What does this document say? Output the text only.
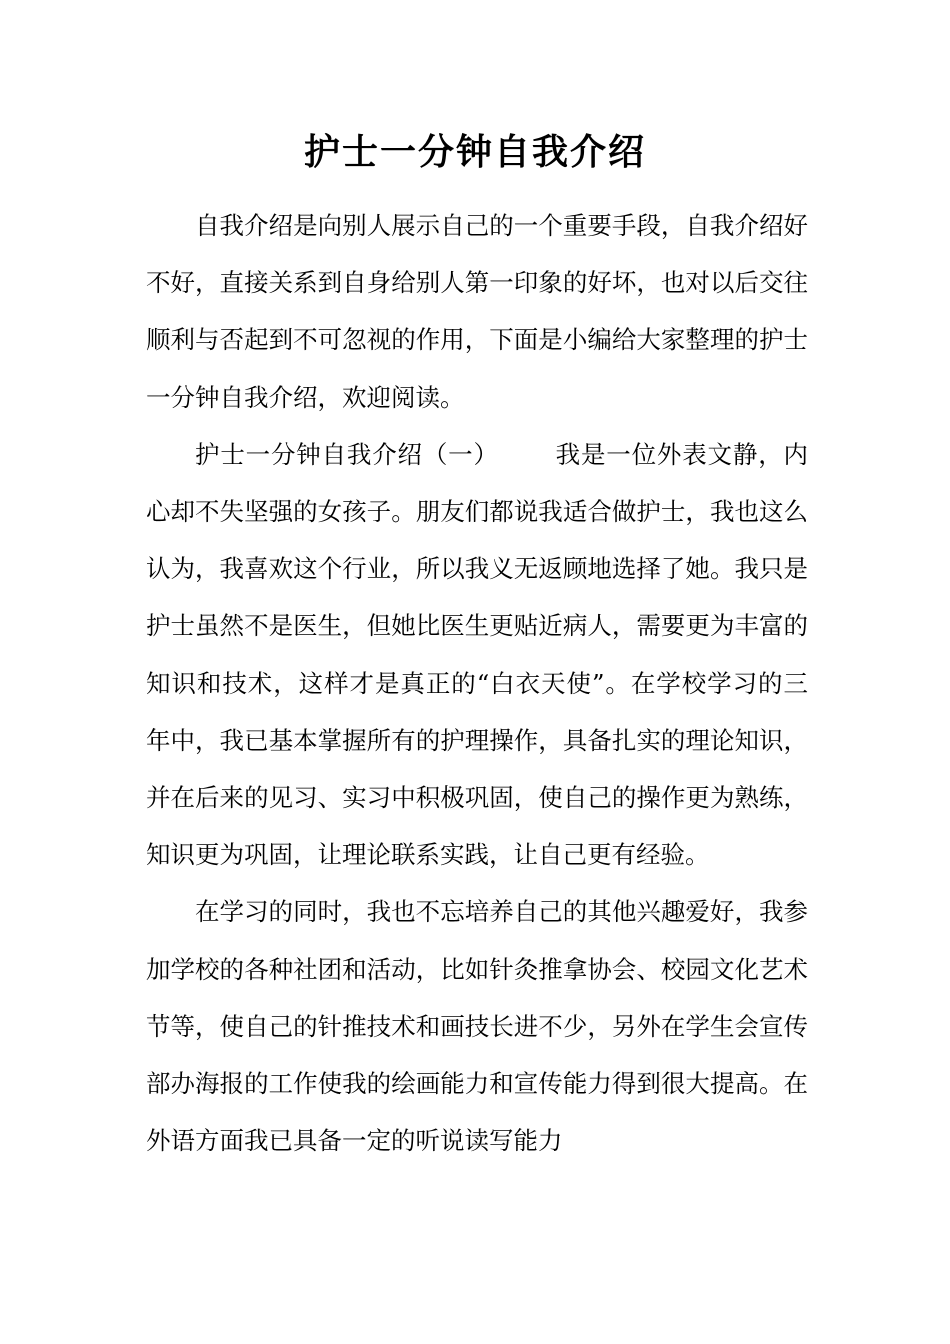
护士一分钟自我介绍

自我介绍是向别人展示自己的一个重要手段，自我介绍好不好，直接关系到自身给别人第一印象的好坏，也对以后交往顺利与否起到不可忽视的作用，下面是小编给大家整理的护士一分钟自我介绍，欢迎阅读。

护士一分钟自我介绍（一） 我是一位外表文静，内心却不失坚强的女孩子。朋友们都说我适合做护士，我也这么认为，我喜欢这个行业，所以我义无返顾地选择了她。我只是护士虽然不是医生，但她比医生更贴近病人，需要更为丰富的知识和技术，这样才是真正的“白衣天使”。在学校学习的三年中，我已基本掌握所有的护理操作，具备扎实的理论知识，并在后来的见习、实习中积极巩固，使自己的操作更为熟练，知识更为巩固，让理论联系实践，让自己更有经验。

在学习的同时，我也不忘培养自己的其他兴趣爱好，我参加学校的各种社团和活动，比如针灸推拿协会、校园文化艺术节等，使自己的针推技术和画技长进不少，另外在学生会宣传部办海报的工作使我的绘画能力和宣传能力得到很大提高。在外语方面我已具备一定的听说读写能力
